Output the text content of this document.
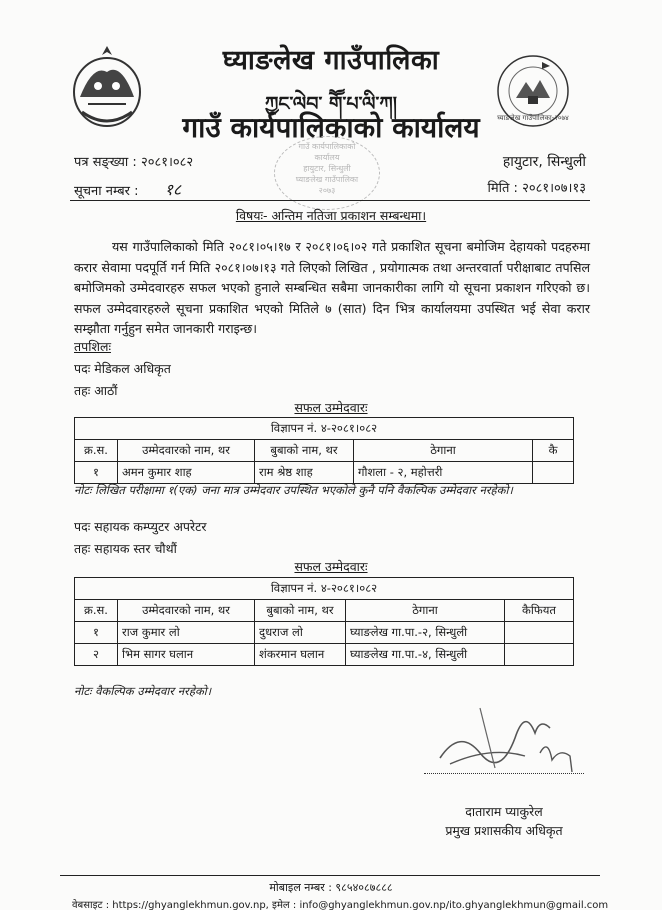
घ्याङलेख गाउँपालिका-२०७४
घ्याङलेख गाउँपालिका
ཀྱང་ལེབ་ གཽ་པ་ལི་ཀ།
गाउँ कार्यपालिकाको कार्यालय
गाउँ कार्यपालिकाको
कार्यालय
हायुटार, सिन्धुली
घ्याङलेख गाउँपालिका
२०७३
पत्र सङ्ख्या : २०८१।०८२
सूचना नम्बर : १८
हायुटार, सिन्धुली
मिति : २०८१।०७।१३
विषयः- अन्तिम नतिजा प्रकाशन सम्बन्धमा।
यस गाउँपालिकाको मिति २०८१।०५।१७ र २०८१।०६।०२ गते प्रकाशित सूचना बमोजिम देहायको पदहरुमा करार सेवामा पदपूर्ति गर्न मिति २०८१।०७।१३ गते लिएको लिखित , प्रयोगात्मक तथा अन्तरवार्ता परीक्षाबाट तपसिल बमोजिमको उम्मेदवारहरु सफल भएको हुनाले सम्बन्धित सबैमा जानकारीका लागि यो सूचना प्रकाशन गरिएको छ। सफल उम्मेदवारहरुले सूचना प्रकाशित भएको मितिले ७ (सात) दिन भित्र कार्यालयमा उपस्थित भई सेवा करार सम्झौता गर्नुहुन समेत जानकारी गराइन्छ।
तपशिलः
पदः मेडिकल अधिकृत
तहः आठौं
सफल उम्मेदवारः
विज्ञापन नं. ४-२०८१।०८२				
क्र.स.	उम्मेदवारको नाम, थर	बुबाको नाम, थर	ठेगाना	कै
१	अमन कुमार शाह	राम श्रेष्ठ शाह	गौशला - २, महोत्तरी	
नोटः लिखित परीक्षामा १(एक) जना मात्र उम्मेदवार उपस्थित भएकोले कुनै पनि वैकल्पिक उम्मेदवार नरहेको।
पदः सहायक कम्प्युटर अपरेटर
तहः सहायक स्तर चौथौं
सफल उम्मेदवारः
विज्ञापन नं. ४-२०८१।०८२				
क्र.स.	उम्मेदवारको नाम, थर	बुबाको नाम, थर	ठेगाना	कैफियत
१	राज कुमार लो	दुधराज लो	घ्याङलेख गा.पा.-२, सिन्धुली	
२	भिम सागर घलान	शंकरमान घलान	घ्याङलेख गा.पा.-४, सिन्धुली	
नोटः वैकल्पिक उम्मेदवार नरहेको।
दाताराम प्याकुरेल
प्रमुख प्रशासकीय अधिकृत
मोबाइल नम्बर : ९८५४०८७८८८
वेबसाइट : https://ghyanglekhmun.gov.np, इमेल : info@ghyanglekhmun.gov.np/ito.ghyanglekhmun@gmail.com
